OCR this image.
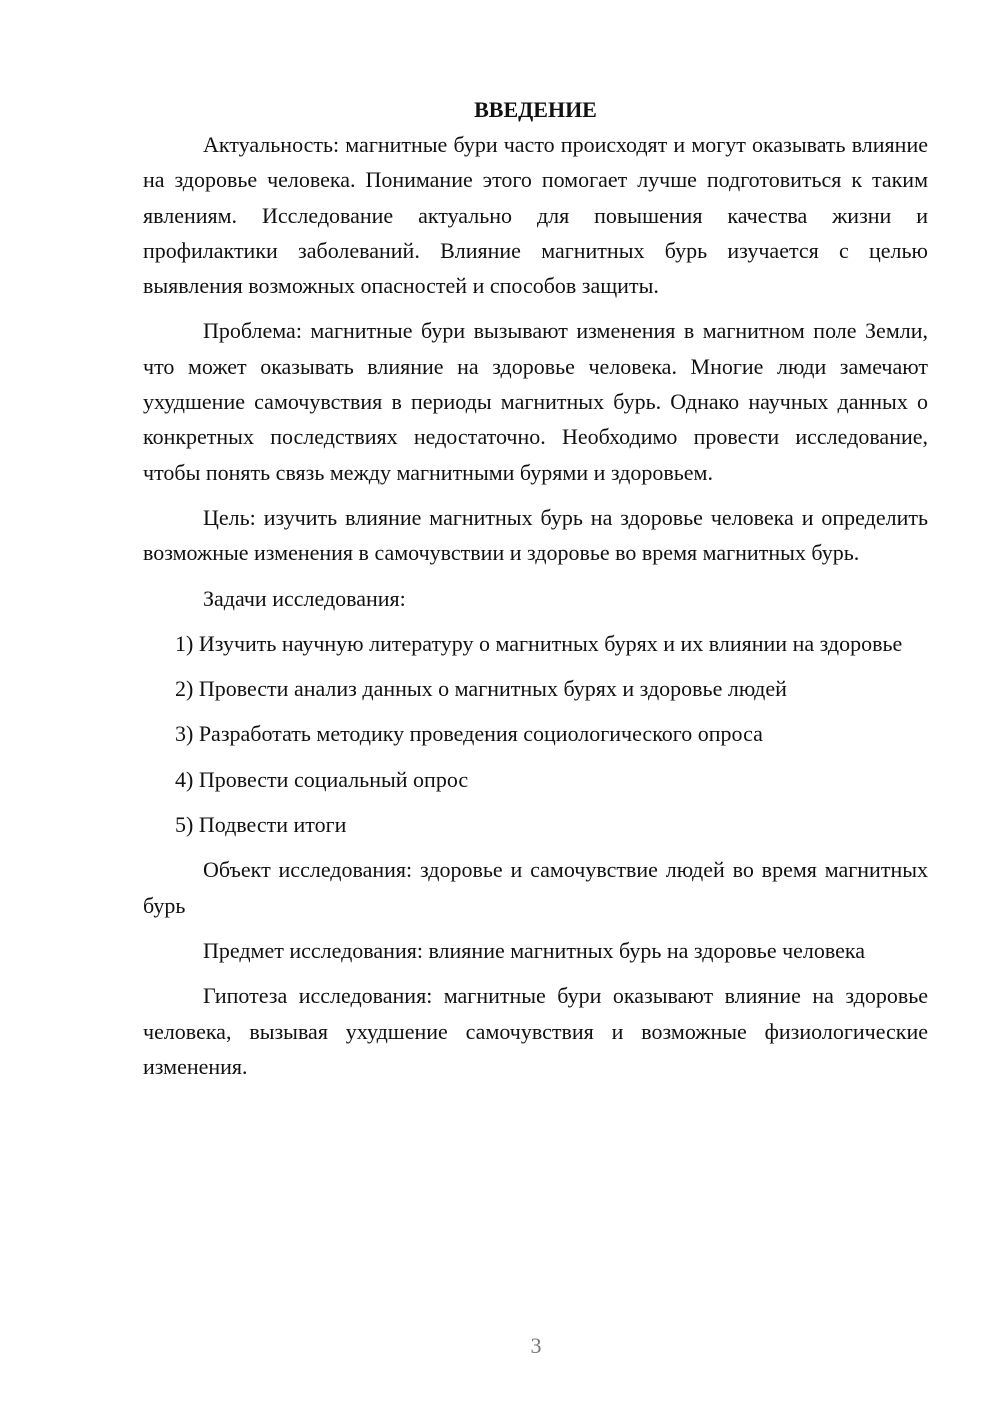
ВВЕДЕНИЕ

Актуальность: магнитные бури часто происходят и могут оказывать влияние на здоровье человека. Понимание этого помогает лучше подготовиться к таким явлениям. Исследование актуально для повышения качества жизни и профилактики заболеваний. Влияние магнитных бурь изучается с целью выявления возможных опасностей и способов защиты.

Проблема: магнитные бури вызывают изменения в магнитном поле Земли, что может оказывать влияние на здоровье человека. Многие люди замечают ухудшение самочувствия в периоды магнитных бурь. Однако научных данных о конкретных последствиях недостаточно. Необходимо провести исследование, чтобы понять связь между магнитными бурями и здоровьем.

Цель: изучить влияние магнитных бурь на здоровье человека и определить возможные изменения в самочувствии и здоровье во время магнитных бурь.

Задачи исследования:

1) Изучить научную литературу о магнитных бурях и их влиянии на здоровье

2) Провести анализ данных о магнитных бурях и здоровье людей

3) Разработать методику проведения социологического опроса

4) Провести социальный опрос

5) Подвести итоги

Объект исследования: здоровье и самочувствие людей во время магнитных бурь

Предмет исследования: влияние магнитных бурь на здоровье человека

Гипотеза исследования: магнитные бури оказывают влияние на здоровье человека, вызывая ухудшение самочувствия и возможные физиологические изменения.

3
